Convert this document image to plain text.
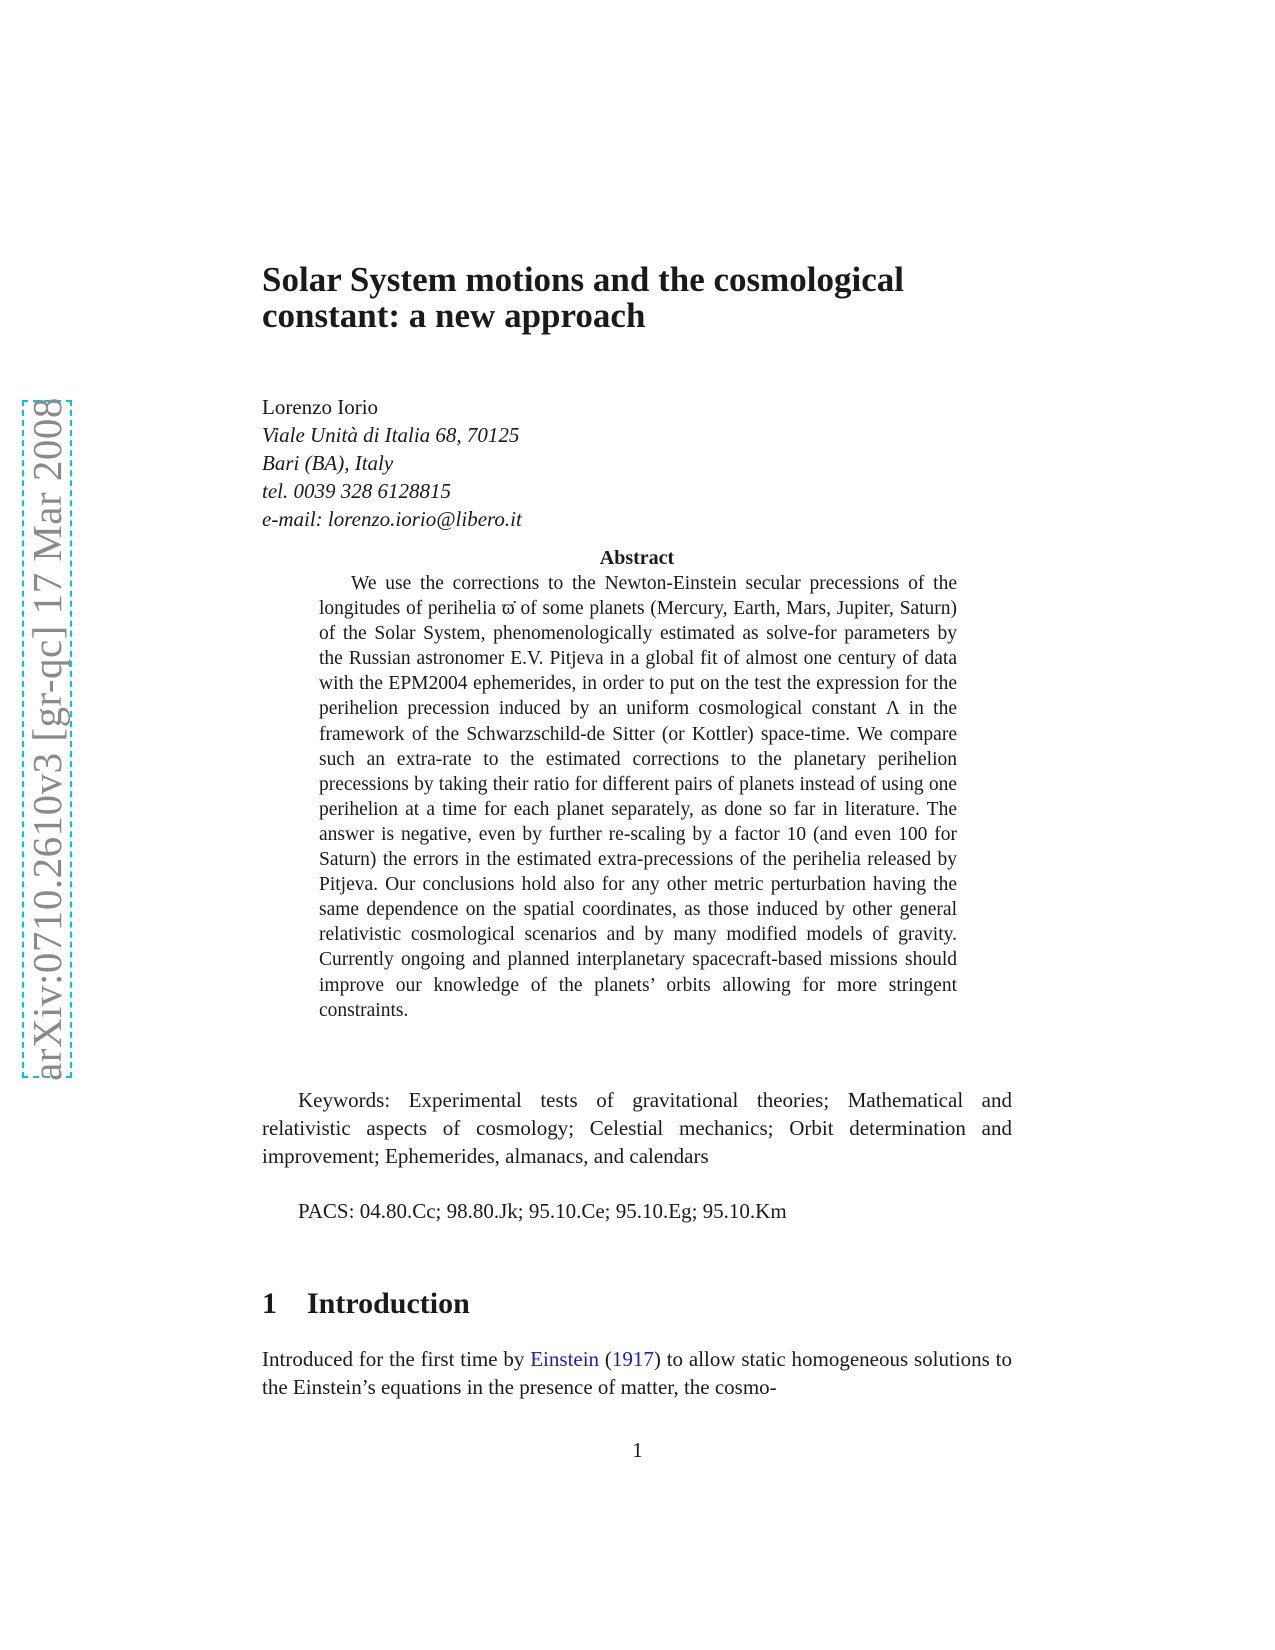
arXiv:0710.2610v3 [gr-qc] 17 Mar 2008
Solar System motions and the cosmological
constant: a new approach
Lorenzo Iorio
Viale Unità di Italia 68, 70125
Bari (BA), Italy
tel. 0039 328 6128815
e-mail: lorenzo.iorio@libero.it
Abstract

We use the corrections to the Newton-Einstein secular precessions of the longitudes of perihelia ϖ̇ of some planets (Mercury, Earth, Mars, Jupiter, Saturn) of the Solar System, phenomenologically estimated as solve-for parameters by the Russian astronomer E.V. Pitjeva in a global fit of almost one century of data with the EPM2004 ephemerides, in order to put on the test the expression for the perihelion precession induced by an uniform cosmological constant Λ in the framework of the Schwarzschild-de Sitter (or Kottler) space-time. We compare such an extra-rate to the estimated corrections to the planetary perihelion precessions by taking their ratio for different pairs of planets instead of using one perihelion at a time for each planet separately, as done so far in literature. The answer is negative, even by further re-scaling by a factor 10 (and even 100 for Saturn) the errors in the estimated extra-precessions of the perihelia released by Pitjeva. Our conclusions hold also for any other metric perturbation having the same dependence on the spatial coordinates, as those induced by other general relativistic cosmological scenarios and by many modified models of gravity. Currently ongoing and planned interplanetary spacecraft-based missions should improve our knowledge of the planets’ orbits allowing for more stringent constraints.

Keywords: Experimental tests of gravitational theories; Mathematical and relativistic aspects of cosmology; Celestial mechanics; Orbit determination and improvement; Ephemerides, almanacs, and calendars

PACS: 04.80.Cc; 98.80.Jk; 95.10.Ce; 95.10.Eg; 95.10.Km

1 Introduction

Introduced for the first time by Einstein (1917) to allow static homogeneous solutions to the Einstein’s equations in the presence of matter, the cosmo-

1
